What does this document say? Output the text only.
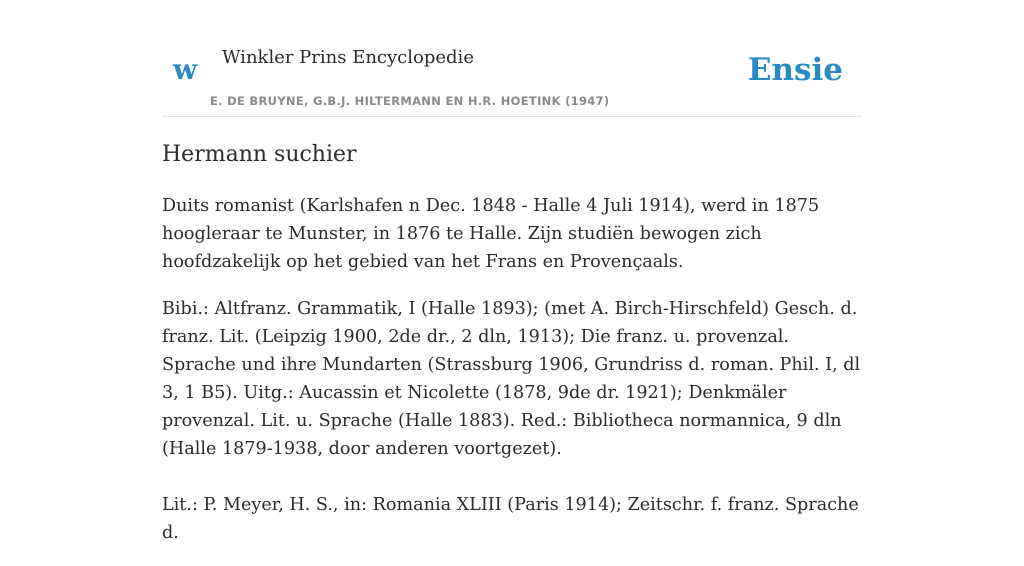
w Winkler Prins Encyclopedie
E. DE BRUYNE, G.B.J. HILTERMANN EN H.R. HOETINK (1947)
Ensie
Hermann suchier

Duits romanist (Karlshafen n Dec. 1848 - Halle 4 Juli 1914), werd in 1875 hoogleraar te Munster, in 1876 te Halle. Zijn studiën bewogen zich hoofdzakelijk op het gebied van het Frans en Provençaals.

Bibi.: Altfranz. Grammatik, I (Halle 1893); (met A. Birch-Hirschfeld) Gesch. d. franz. Lit. (Leipzig 1900, 2de dr., 2 dln, 1913); Die franz. u. provenzal. Sprache und ihre Mundarten (Strassburg 1906, Grundriss d. roman. Phil. I, dl 3, 1 B5). Uitg.: Aucassin et Nicolette (1878, 9de dr. 1921); Denkmäler provenzal. Lit. u. Sprache (Halle 1883). Red.: Bibliotheca normannica, 9 dln (Halle 1879-1938, door anderen voortgezet).

Lit.: P. Meyer, H. S., in: Romania XLIII (Paris 1914); Zeitschr. f. franz. Sprache d.
